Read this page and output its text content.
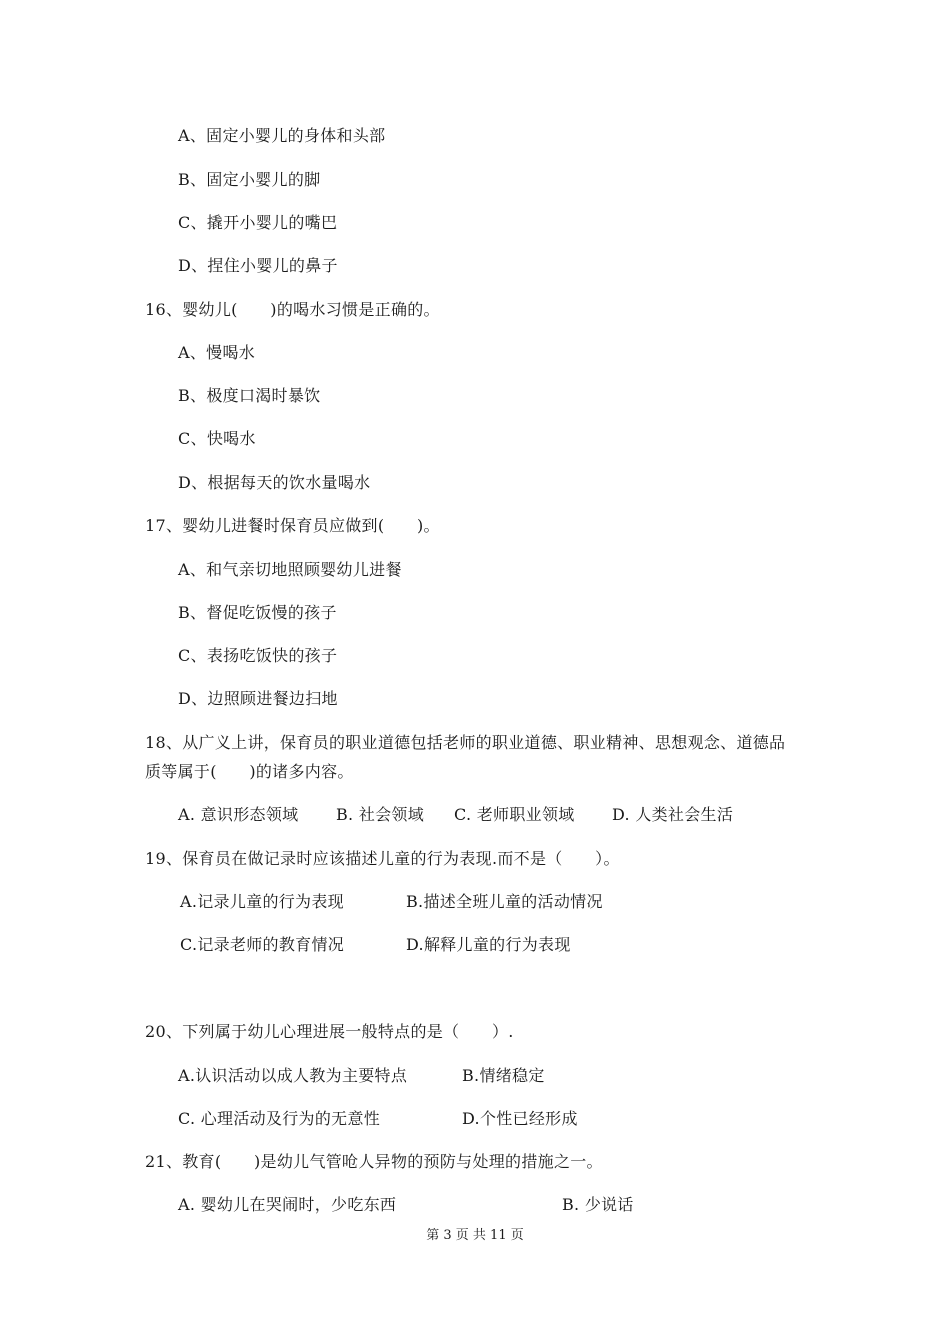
A、固定小婴儿的身体和头部
B、固定小婴儿的脚
C、撬开小婴儿的嘴巴
D、捏住小婴儿的鼻子
16、婴幼儿(　　)的喝水习惯是正确的。
A、慢喝水
B、极度口渴时暴饮
C、快喝水
D、根据每天的饮水量喝水
17、婴幼儿进餐时保育员应做到(　　)。
A、和气亲切地照顾婴幼儿进餐
B、督促吃饭慢的孩子
C、表扬吃饭快的孩子
D、边照顾进餐边扫地
18、从广义上讲，保育员的职业道德包括老师的职业道德、职业精神、思想观念、道德品
质等属于(　　)的诸多内容。
A. 意识形态领域 B. 社会领域 C. 老师职业领域 D. 人类社会生活
19、保育员在做记录时应该描述儿童的行为表现.而不是（　　）。
A.记录儿童的行为表现	B.描述全班儿童的活动情况
C.记录老师的教育情况	D.解释儿童的行为表现
20、下列属于幼儿心理进展一般特点的是（　　）.
A.认识活动以成人教为主要特点	B.情绪稳定
C. 心理活动及行为的无意性	D.个性已经形成
21、教育(　　)是幼儿气管呛人异物的预防与处理的措施之一。
A. 婴幼儿在哭闹时，少吃东西	B. 少说话
第 3 页 共 11 页
